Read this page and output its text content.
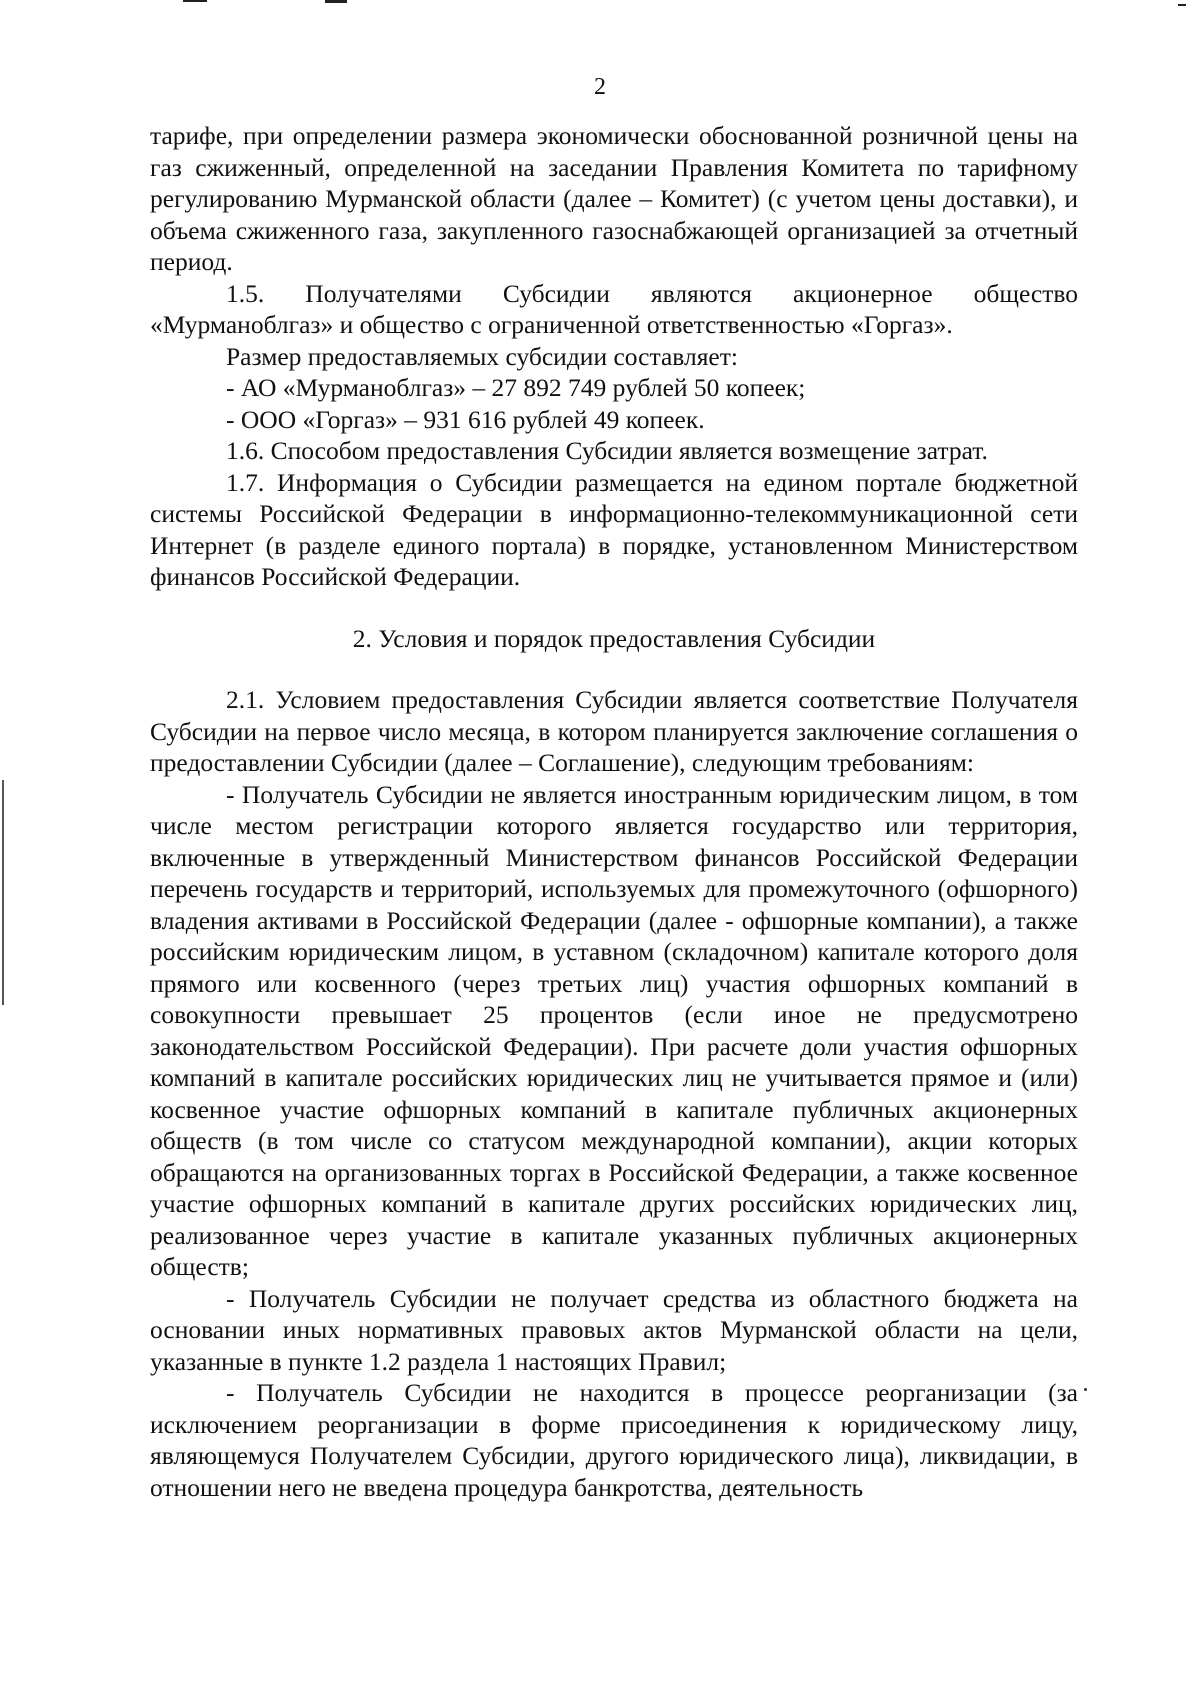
2

тарифе, при определении размера экономически обоснованной розничной цены на газ сжиженный, определенной на заседании Правления Комитета по тарифному регулированию Мурманской области (далее – Комитет) (с учетом цены доставки), и объема сжиженного газа, закупленного газоснабжающей организацией за отчетный период.

1.5. Получателями Субсидии являются акционерное общество «Мурманоблгаз» и общество с ограниченной ответственностью «Горгаз».

Размер предоставляемых субсидии составляет:

- АО «Мурманоблгаз» – 27 892 749 рублей 50 копеек;

- ООО «Горгаз» – 931 616 рублей 49 копеек.

1.6. Способом предоставления Субсидии является возмещение затрат.

1.7. Информация о Субсидии размещается на едином портале бюджетной системы Российской Федерации в информационно-телекоммуникационной сети Интернет (в разделе единого портала) в порядке, установленном Министерством финансов Российской Федерации.

2. Условия и порядок предоставления Субсидии

2.1. Условием предоставления Субсидии является соответствие Получателя Субсидии на первое число месяца, в котором планируется заключение соглашения о предоставлении Субсидии (далее – Соглашение), следующим требованиям:

- Получатель Субсидии не является иностранным юридическим лицом, в том числе местом регистрации которого является государство или территория, включенные в утвержденный Министерством финансов Российской Федерации перечень государств и территорий, используемых для промежуточного (офшорного) владения активами в Российской Федерации (далее - офшорные компании), а также российским юридическим лицом, в уставном (складочном) капитале которого доля прямого или косвенного (через третьих лиц) участия офшорных компаний в совокупности превышает 25 процентов (если иное не предусмотрено законодательством Российской Федерации). При расчете доли участия офшорных компаний в капитале российских юридических лиц не учитывается прямое и (или) косвенное участие офшорных компаний в капитале публичных акционерных обществ (в том числе со статусом международной компании), акции которых обращаются на организованных торгах в Российской Федерации, а также косвенное участие офшорных компаний в капитале других российских юридических лиц, реализованное через участие в капитале указанных публичных акционерных обществ;

- Получатель Субсидии не получает средства из областного бюджета на основании иных нормативных правовых актов Мурманской области на цели, указанные в пункте 1.2 раздела 1 настоящих Правил;

- Получатель Субсидии не находится в процессе реорганизации (за исключением реорганизации в форме присоединения к юридическому лицу, являющемуся Получателем Субсидии, другого юридического лица), ликвидации, в отношении него не введена процедура банкротства, деятельность
